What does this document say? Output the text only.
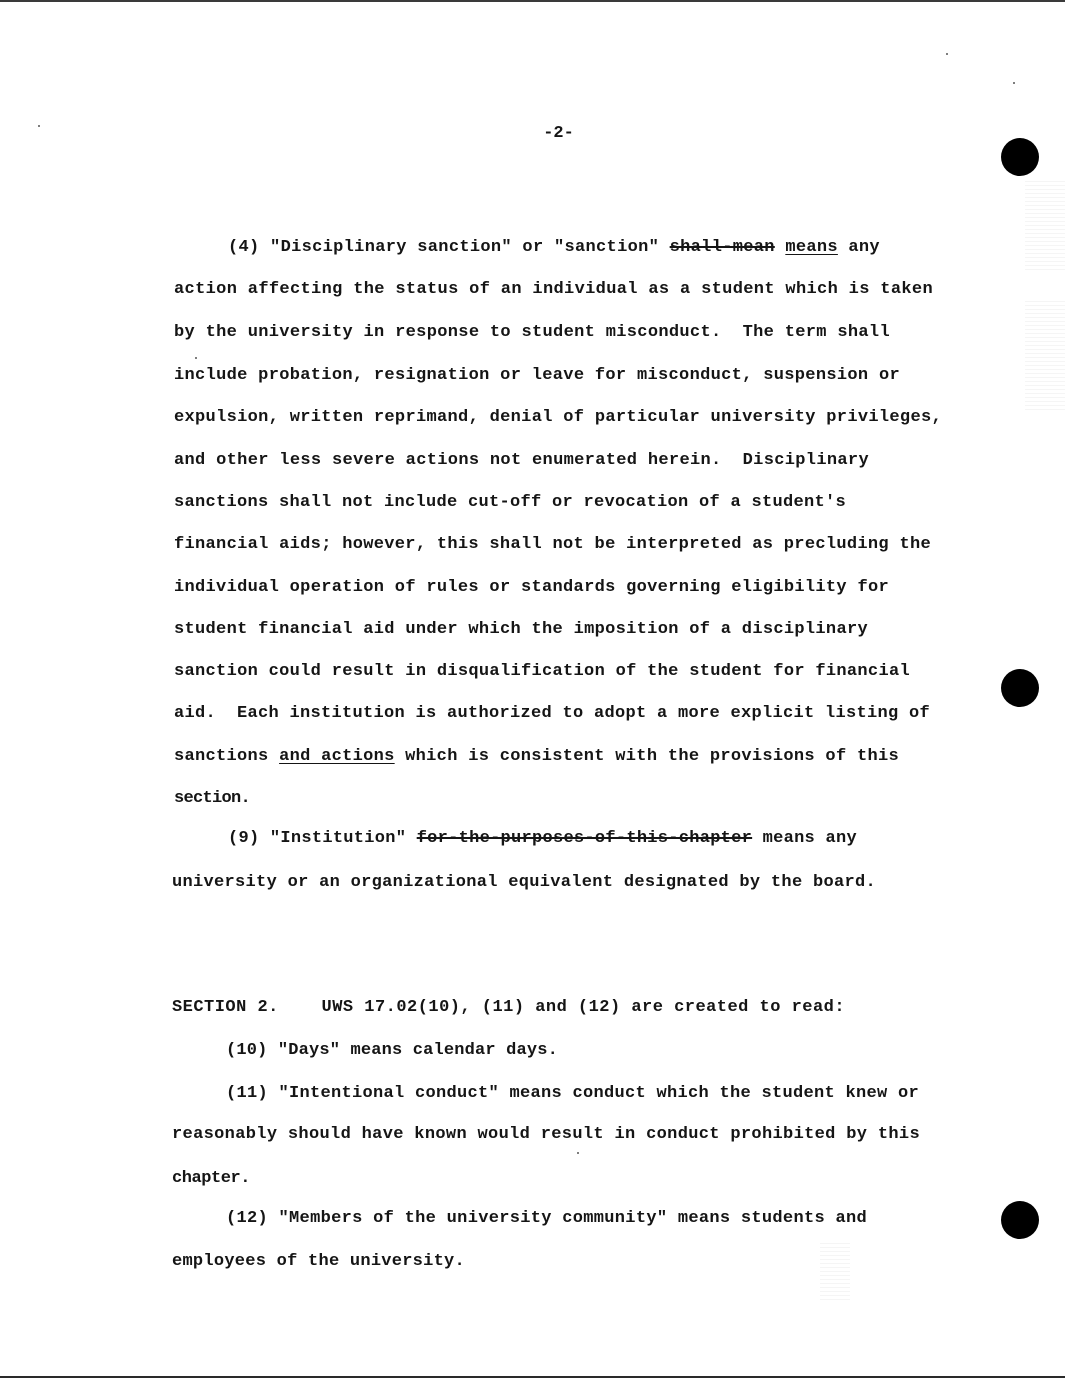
-2-
(4) "Disciplinary sanction" or "sanction" shall-mean means any
action affecting the status of an individual as a student which is taken
by the university in response to student misconduct.  The term shall
include probation, resignation or leave for misconduct, suspension or
expulsion, written reprimand, denial of particular university privileges,
and other less severe actions not enumerated herein.  Disciplinary
sanctions shall not include cut-off or revocation of a student's
financial aids; however, this shall not be interpreted as precluding the
individual operation of rules or standards governing eligibility for
student financial aid under which the imposition of a disciplinary
sanction could result in disqualification of the student for financial
aid.  Each institution is authorized to adopt a more explicit listing of
sanctions and actions which is consistent with the provisions of this
section.
(9) "Institution" for-the-purposes-of-this-chapter means any
university or an organizational equivalent designated by the board.
SECTION 2.    UWS 17.02(10), (11) and (12) are created to read:
(10) "Days" means calendar days.
(11) "Intentional conduct" means conduct which the student knew or
reasonably should have known would result in conduct prohibited by this
chapter.
(12) "Members of the university community" means students and
employees of the university.
